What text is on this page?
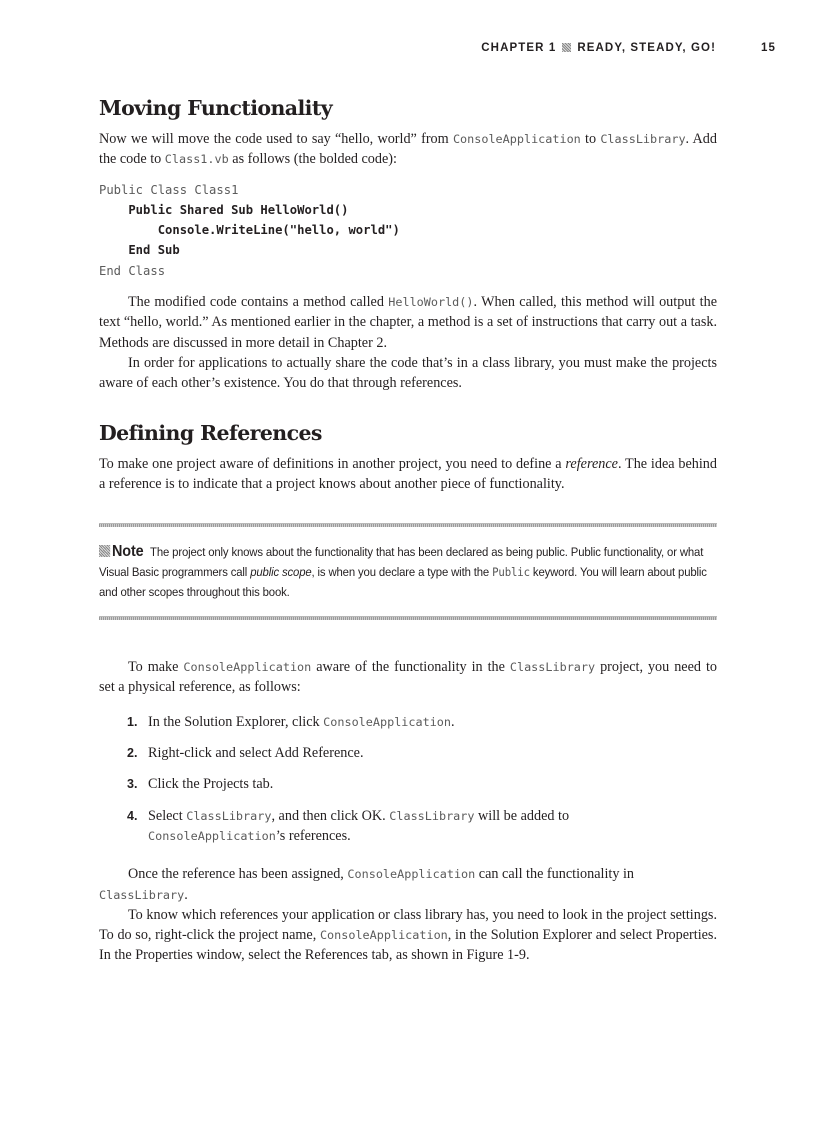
CHAPTER 1 READY, STEADY, GO!	15
Moving Functionality

Now we will move the code used to say “hello, world” from ConsoleApplication to ClassLibrary. Add the code to Class1.vb as follows (the bolded code):

Public Class Class1
Public Shared Sub HelloWorld()
Console.WriteLine("hello, world")
End Sub
End Class

The modified code contains a method called HelloWorld(). When called, this method will output the text “hello, world.” As mentioned earlier in the chapter, a method is a set of instructions that carry out a task. Methods are discussed in more detail in Chapter 2.

In order for applications to actually share the code that’s in a class library, you must make the projects aware of each other’s existence. You do that through references.

Defining References

To make one project aware of definitions in another project, you need to define a reference. The idea behind a reference is to indicate that a project knows about another piece of functionality.

Note The project only knows about the functionality that has been declared as being public. Public functionality, or what Visual Basic programmers call public scope, is when you declare a type with the Public keyword. You will learn about public and other scopes throughout this book.

To make ConsoleApplication aware of the functionality in the ClassLibrary project, you need to set a physical reference, as follows:

1. In the Solution Explorer, click ConsoleApplication.
2. Right-click and select Add Reference.
3. Click the Projects tab.
4. Select ClassLibrary, and then click OK. ClassLibrary will be added to
ConsoleApplication’s references.

Once the reference has been assigned, ConsoleApplication can call the functionality in
ClassLibrary.

To know which references your application or class library has, you need to look in the project settings. To do so, right-click the project name, ConsoleApplication, in the Solution Explorer and select Properties. In the Properties window, select the References tab, as shown in Figure 1-9.
